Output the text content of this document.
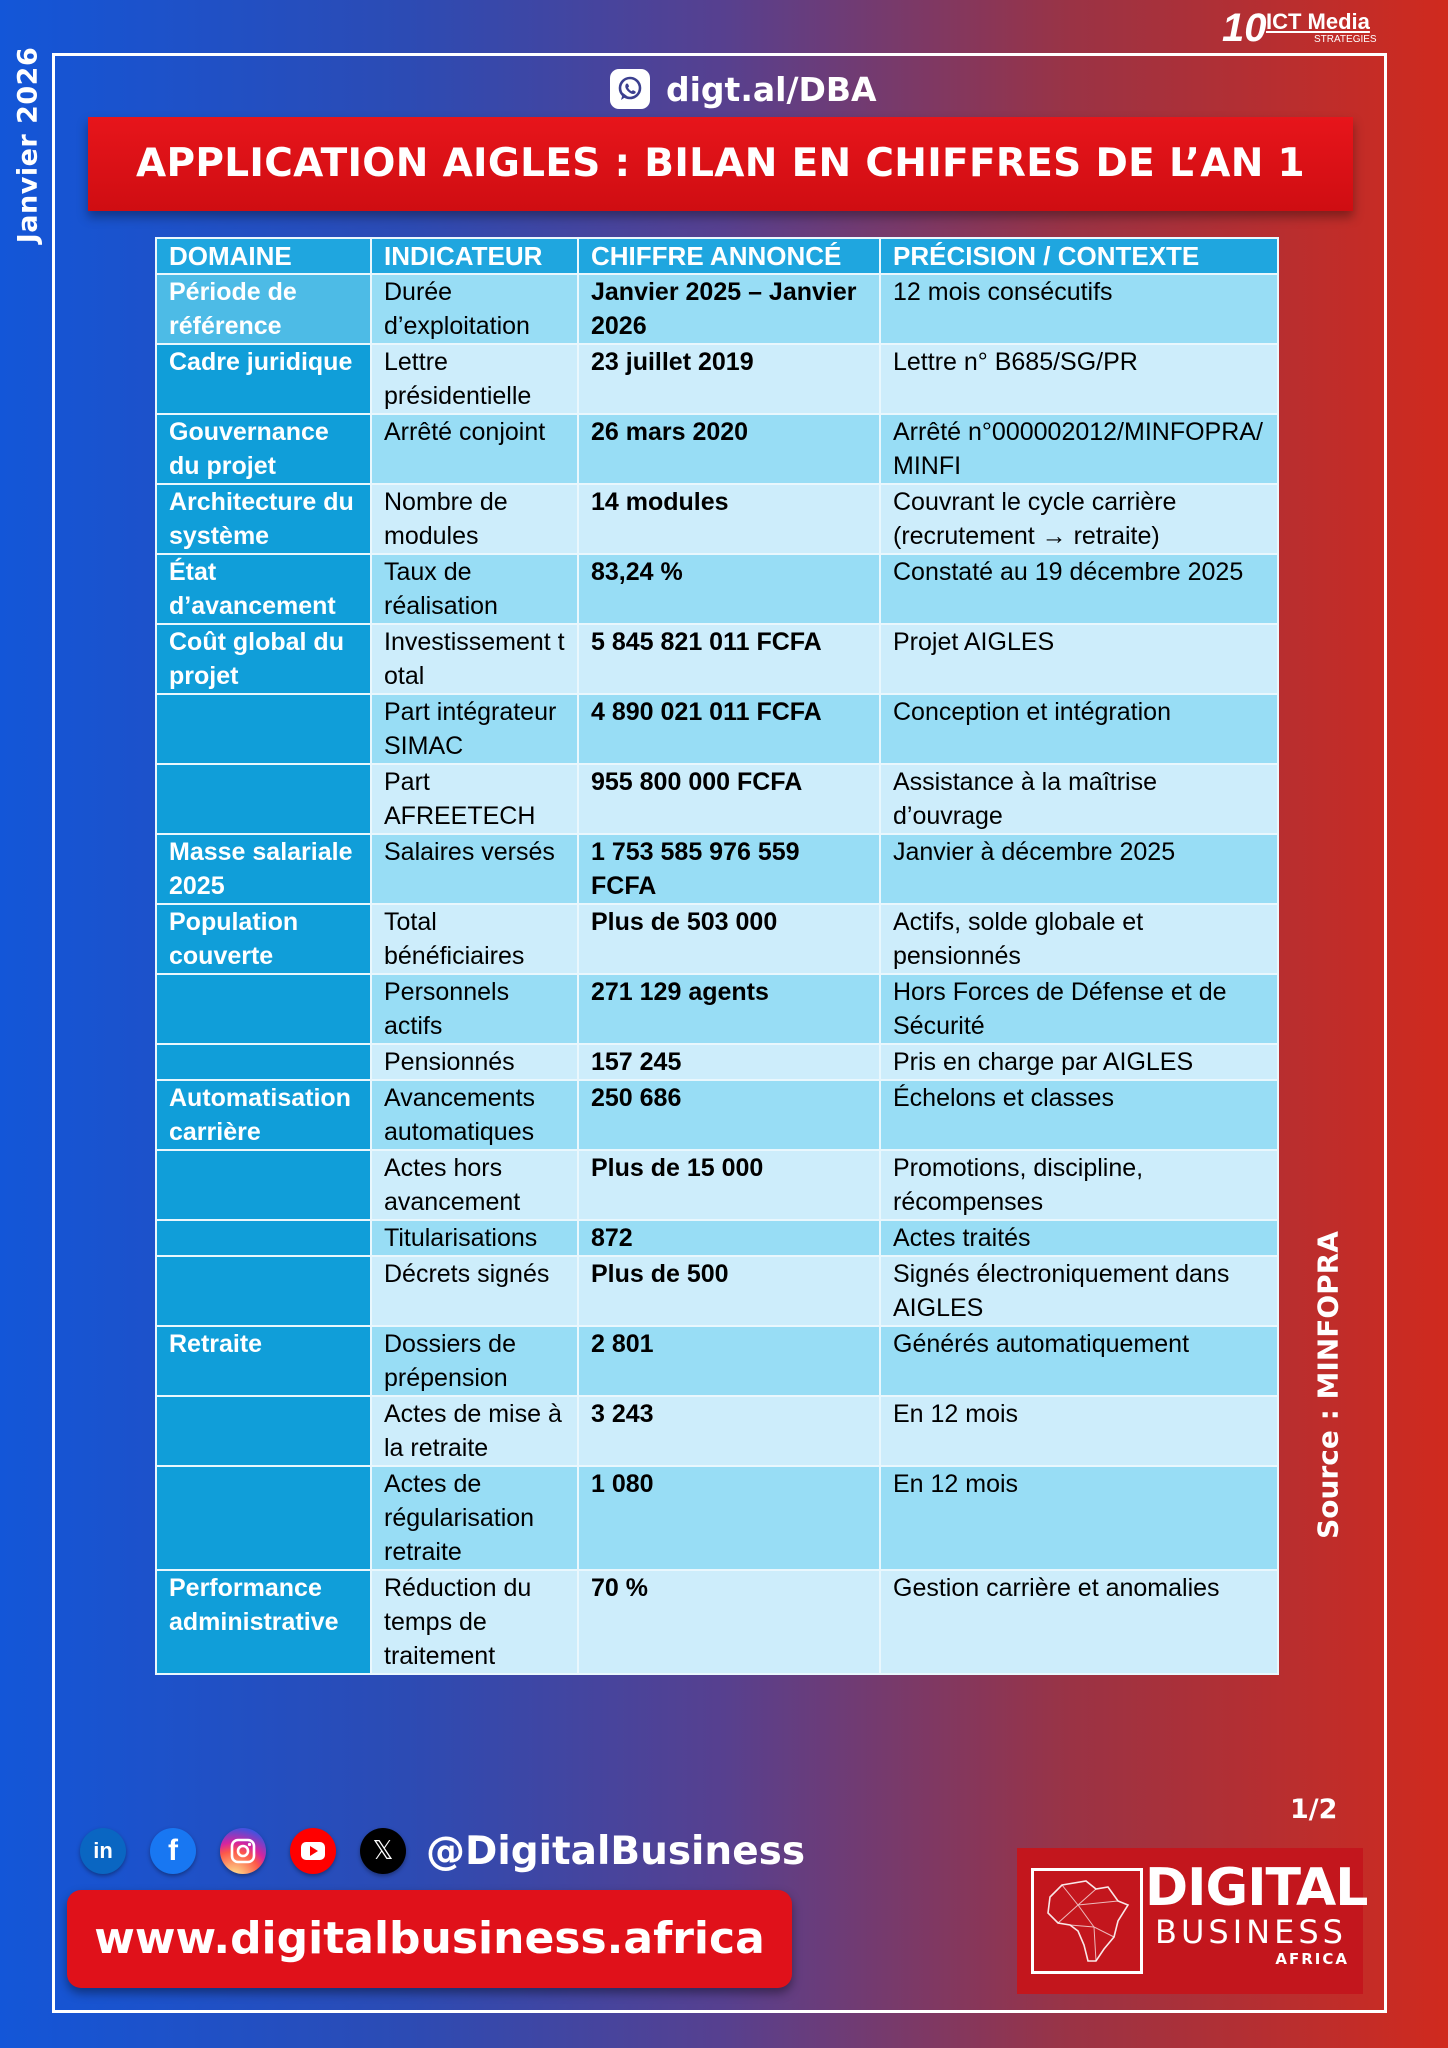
Janvier 2026
Source : MINFOPRA
10 ICT Media
STRATEGIES
digt.al/DBA
APPLICATION AIGLES : BILAN EN CHIFFRES DE L’AN 1
DOMAINE	INDICATEUR	CHIFFRE ANNONCÉ	PRÉCISION / CONTEXTE
Période de référence	Durée d’exploitation	Janvier 2025 – Janvier 2026	12 mois consécutifs
Cadre juridique	Lettre présidentielle	23 juillet 2019	Lettre n° B685/SG/PR
Gouvernance du projet	Arrêté conjoint	26 mars 2020	Arrêté n°000002012/MINFOPRA/MINFI
Architecture du système	Nombre de modules	14 modules	Couvrant le cycle carrière (recrutement → retraite)
État d’avancement	Taux de réalisation	83,24 %	Constaté au 19 décembre 2025
Coût global du projet	Investissement total	5 845 821 011 FCFA	Projet AIGLES
	Part intégrateur SIMAC	4 890 021 011 FCFA	Conception et intégration
	Part AFREETECH	955 800 000 FCFA	Assistance à la maîtrise d’ouvrage
Masse salariale 2025	Salaires versés	1 753 585 976 559 FCFA	Janvier à décembre 2025
Population couverte	Total bénéficiaires	Plus de 503 000	Actifs, solde globale et pensionnés
	Personnels actifs	271 129 agents	Hors Forces de Défense et de Sécurité
	Pensionnés	157 245	Pris en charge par AIGLES
Automatisation carrière	Avancements automatiques	250 686	Échelons et classes
	Actes hors avancement	Plus de 15 000	Promotions, discipline, récompenses
	Titularisations	872	Actes traités
	Décrets signés	Plus de 500	Signés électroniquement dans AIGLES
Retraite	Dossiers de prépension	2 801	Générés automatiquement
	Actes de mise à la retraite	3 243	En 12 mois
	Actes de régularisation retraite	1 080	En 12 mois
Performance administrative	Réduction du temps de traitement	70 %	Gestion carrière et anomalies
1/2
in f	𝕏 @DigitalBusiness
www.digitalbusiness.africa
DIGITAL
BUSINESS
AFRICA
